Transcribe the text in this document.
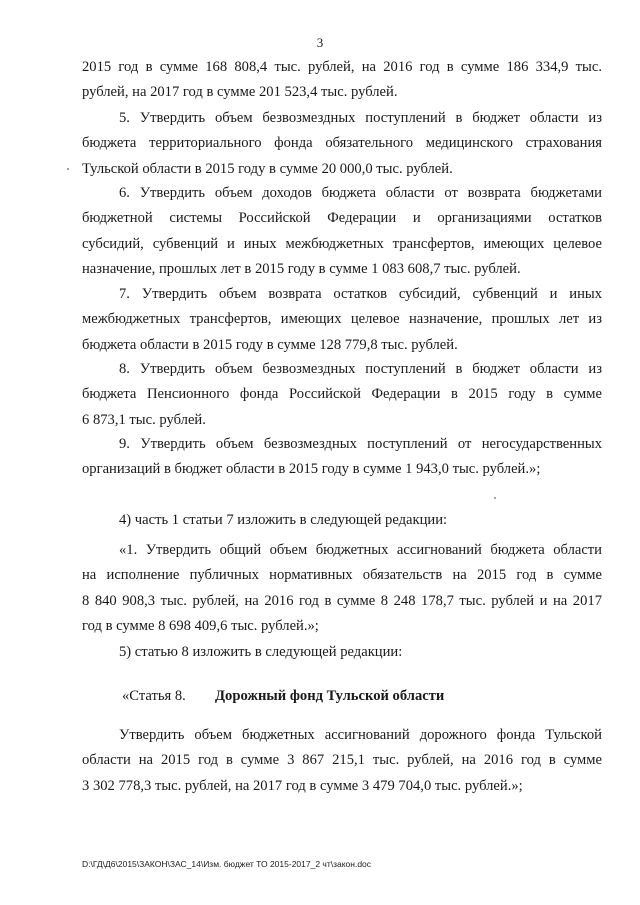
3
2015 год в сумме 168 808,4 тыс. рублей, на 2016 год в сумме 186 334,9 тыс.
рублей, на 2017 год в сумме 201 523,4 тыс. рублей.
5. Утвердить объем безвозмездных поступлений в бюджет области из
бюджета территориального фонда обязательного медицинского страхования
Тульской области в 2015 году в сумме 20 000,0 тыс. рублей.
6. Утвердить объем доходов бюджета области от возврата бюджетами
бюджетной системы Российской Федерации и организациями остатков
субсидий, субвенций и иных межбюджетных трансфертов, имеющих целевое
назначение, прошлых лет в 2015 году в сумме 1 083 608,7 тыс. рублей.
7. Утвердить объем возврата остатков субсидий, субвенций и иных
межбюджетных трансфертов, имеющих целевое назначение, прошлых лет из
бюджета области в 2015 году в сумме 128 779,8 тыс. рублей.
8. Утвердить объем безвозмездных поступлений в бюджет области из
бюджета Пенсионного фонда Российской Федерации в 2015 году в сумме
6 873,1 тыс. рублей.
9. Утвердить объем безвозмездных поступлений от негосударственных
организаций в бюджет области в 2015 году в сумме 1 943,0 тыс. рублей.»;
4) часть 1 статьи 7 изложить в следующей редакции:
«1. Утвердить общий объем бюджетных ассигнований бюджета области
на исполнение публичных нормативных обязательств на 2015 год в сумме
8 840 908,3 тыс. рублей, на 2016 год в сумме 8 248 178,7 тыс. рублей и на 2017
год в сумме 8 698 409,6 тыс. рублей.»;
5) статью 8 изложить в следующей редакции:
«Статья 8. Дорожный фонд Тульской области
Утвердить объем бюджетных ассигнований дорожного фонда Тульской
области на 2015 год в сумме 3 867 215,1 тыс. рублей, на 2016 год в сумме
3 302 778,3 тыс. рублей, на 2017 год в сумме 3 479 704,0 тыс. рублей.»;
D:\ГД\Д6\2015\ЗАКОН\ЗАС_14\Изм. бюджет ТО 2015-2017_2 чт\закон.doc
